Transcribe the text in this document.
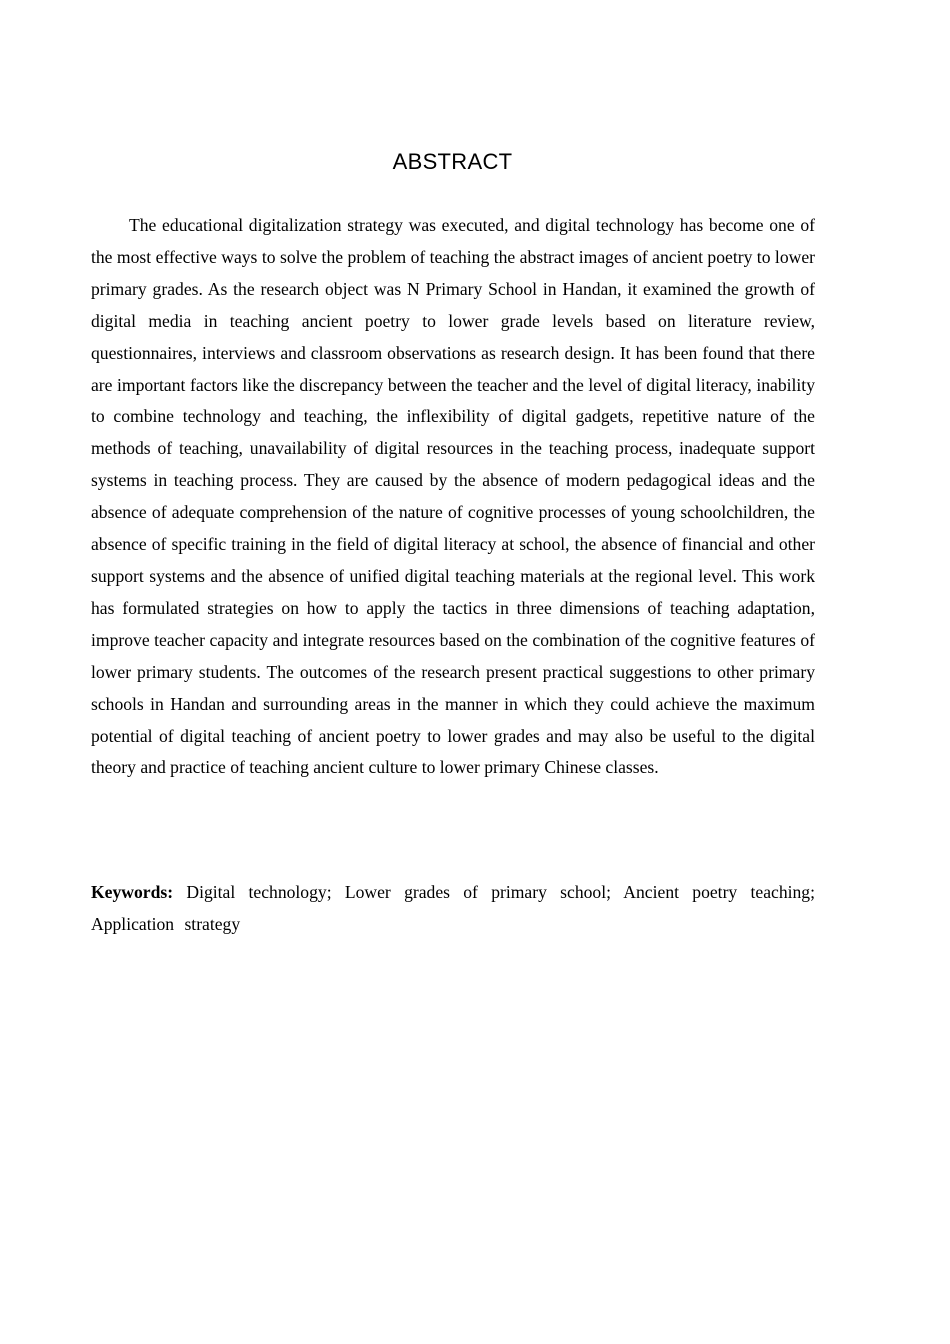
ABSTRACT

The educational digitalization strategy was executed, and digital technology has become one of the most effective ways to solve the problem of teaching the abstract images of ancient poetry to lower primary grades. As the research object was N Primary School in Handan, it examined the growth of digital media in teaching ancient poetry to lower grade levels based on literature review, questionnaires, interviews and classroom observations as research design. It has been found that there are important factors like the discrepancy between the teacher and the level of digital literacy, inability to combine technology and teaching, the inflexibility of digital gadgets, repetitive nature of the methods of teaching, unavailability of digital resources in the teaching process, inadequate support systems in teaching process. They are caused by the absence of modern pedagogical ideas and the absence of adequate comprehension of the nature of cognitive processes of young schoolchildren, the absence of specific training in the field of digital literacy at school, the absence of financial and other support systems and the absence of unified digital teaching materials at the regional level. This work has formulated strategies on how to apply the tactics in three dimensions of teaching adaptation, improve teacher capacity and integrate resources based on the combination of the cognitive features of lower primary students. The outcomes of the research present practical suggestions to other primary schools in Handan and surrounding areas in the manner in which they could achieve the maximum potential of digital teaching of ancient poetry to lower grades and may also be useful to the digital theory and practice of teaching ancient culture to lower primary Chinese classes.

Keywords: Digital technology; Lower grades of primary school; Ancient poetry teaching; Application strategy
